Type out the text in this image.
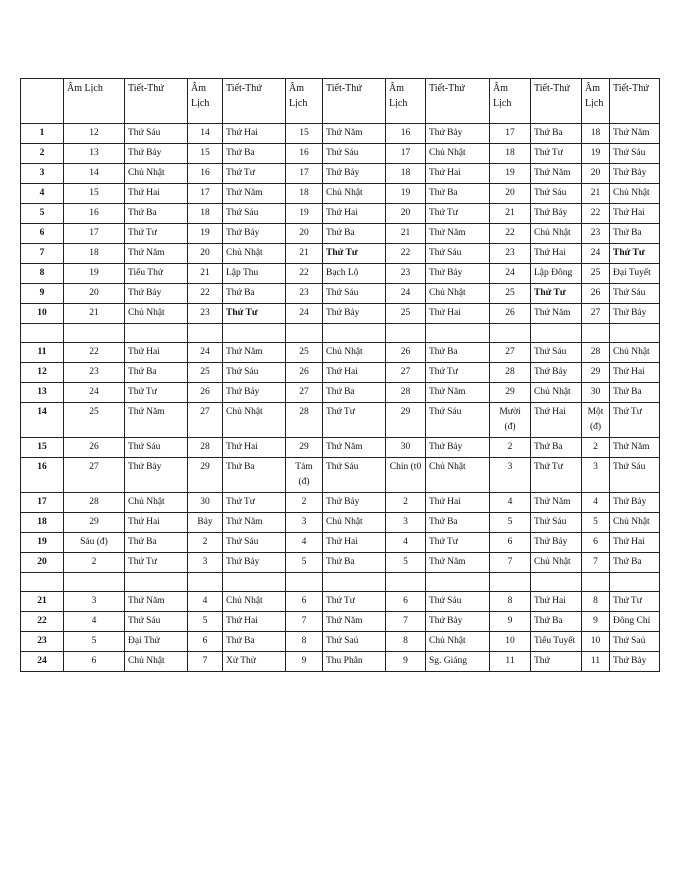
	Âm Lịch	Tiết-Thứ	Âm Lịch	Tiết-Thứ	Âm Lịch	Tiết-Thứ	Âm Lịch	Tiết-Thứ	Âm Lịch	Tiết-Thứ	Âm Lịch	Tiết-Thứ
1	12	Thứ Sáu	14	Thứ Hai	15	Thứ Năm	16	Thứ Bảy	17	Thứ Ba	18	Thứ Năm
2	13	Thứ Bảy	15	Thứ Ba	16	Thứ Sáu	17	Chủ Nhật	18	Thứ Tư	19	Thứ Sáu
3	14	Chủ Nhật	16	Thứ Tư	17	Thứ Bảy	18	Thứ Hai	19	Thứ Năm	20	Thứ Bảy
4	15	Thứ Hai	17	Thứ Năm	18	Chủ Nhật	19	Thứ Ba	20	Thứ Sáu	21	Chủ Nhật
5	16	Thứ Ba	18	Thứ Sáu	19	Thứ Hai	20	Thứ Tư	21	Thứ Bảy	22	Thứ Hai
6	17	Thứ Tư	19	Thứ Bảy	20	Thứ Ba	21	Thứ Năm	22	Chủ Nhật	23	Thứ Ba
7	18	Thứ Năm	20	Chủ Nhật	21	Thứ Tư	22	Thứ Sáu	23	Thứ Hai	24	Thứ Tư
8	19	Tiểu Thử	21	Lập Thu	22	Bạch Lộ	23	Thứ Bảy	24	Lập Đông	25	Đại Tuyết
9	20	Thứ Bảy	22	Thứ Ba	23	Thứ Sáu	24	Chủ Nhật	25	Thứ Tư	26	Thứ Sáu
10	21	Chủ Nhật	23	Thứ Tư	24	Thứ Bảy	25	Thứ Hai	26	Thứ Năm	27	Thứ Bảy

11	22	Thứ Hai	24	Thứ Năm	25	Chủ Nhật	26	Thứ Ba	27	Thứ Sáu	28	Chủ Nhật
12	23	Thứ Ba	25	Thứ Sáu	26	Thứ Hai	27	Thứ Tư	28	Thứ Bảy	29	Thứ Hai
13	24	Thứ Tư	26	Thứ Bảy	27	Thứ Ba	28	Thứ Năm	29	Chủ Nhật	30	Thứ Ba
14	25	Thứ Năm	27	Chủ Nhật	28	Thứ Tư	29	Thứ Sáu	Mười (đ)	Thứ Hai	Một (đ)	Thứ Tư
15	26	Thứ Sáu	28	Thứ Hai	29	Thứ Năm	30	Thứ Bảy	2	Thứ Ba	2	Thứ Năm
16	27	Thứ Bảy	29	Thứ Ba	Tám (đ)	Thứ Sáu	Chín (t0	Chủ Nhật	3	Thứ Tư	3	Thứ Sáu
17	28	Chủ Nhật	30	Thứ Tư	2	Thứ Bảy	2	Thứ Hai	4	Thứ Năm	4	Thứ Bảy
18	29	Thứ Hai	Bảy	Thứ Năm	3	Chủ Nhật	3	Thứ Ba	5	Thứ Sáu	5	Chủ Nhật
19	Sáu (đ)	Thứ Ba	2	Thứ Sáu	4	Thứ Hai	4	Thứ Tư	6	Thứ Bảy	6	Thứ Hai
20	2	Thứ Tư	3	Thứ Bảy	5	Thứ Ba	5	Thứ Năm	7	Chủ Nhật	7	Thứ Ba

21	3	Thứ Năm	4	Chủ Nhật	6	Thứ Tư	6	Thứ Sáu	8	Thứ Hai	8	Thứ Tư
22	4	Thứ Sáu	5	Thứ Hai	7	Thứ Năm	7	Thứ Bảy	9	Thứ Ba	9	Đông Chí
23	5	Đại Thử	6	Thứ Ba	8	Thứ Saú	8	Chủ Nhật	10	Tiểu Tuyết	10	Thứ Saú
24	6	Chủ Nhật	7	Xử Thử	9	Thu Phân	9	Sg. Giáng	11	Thứ	11	Thứ Bảy
